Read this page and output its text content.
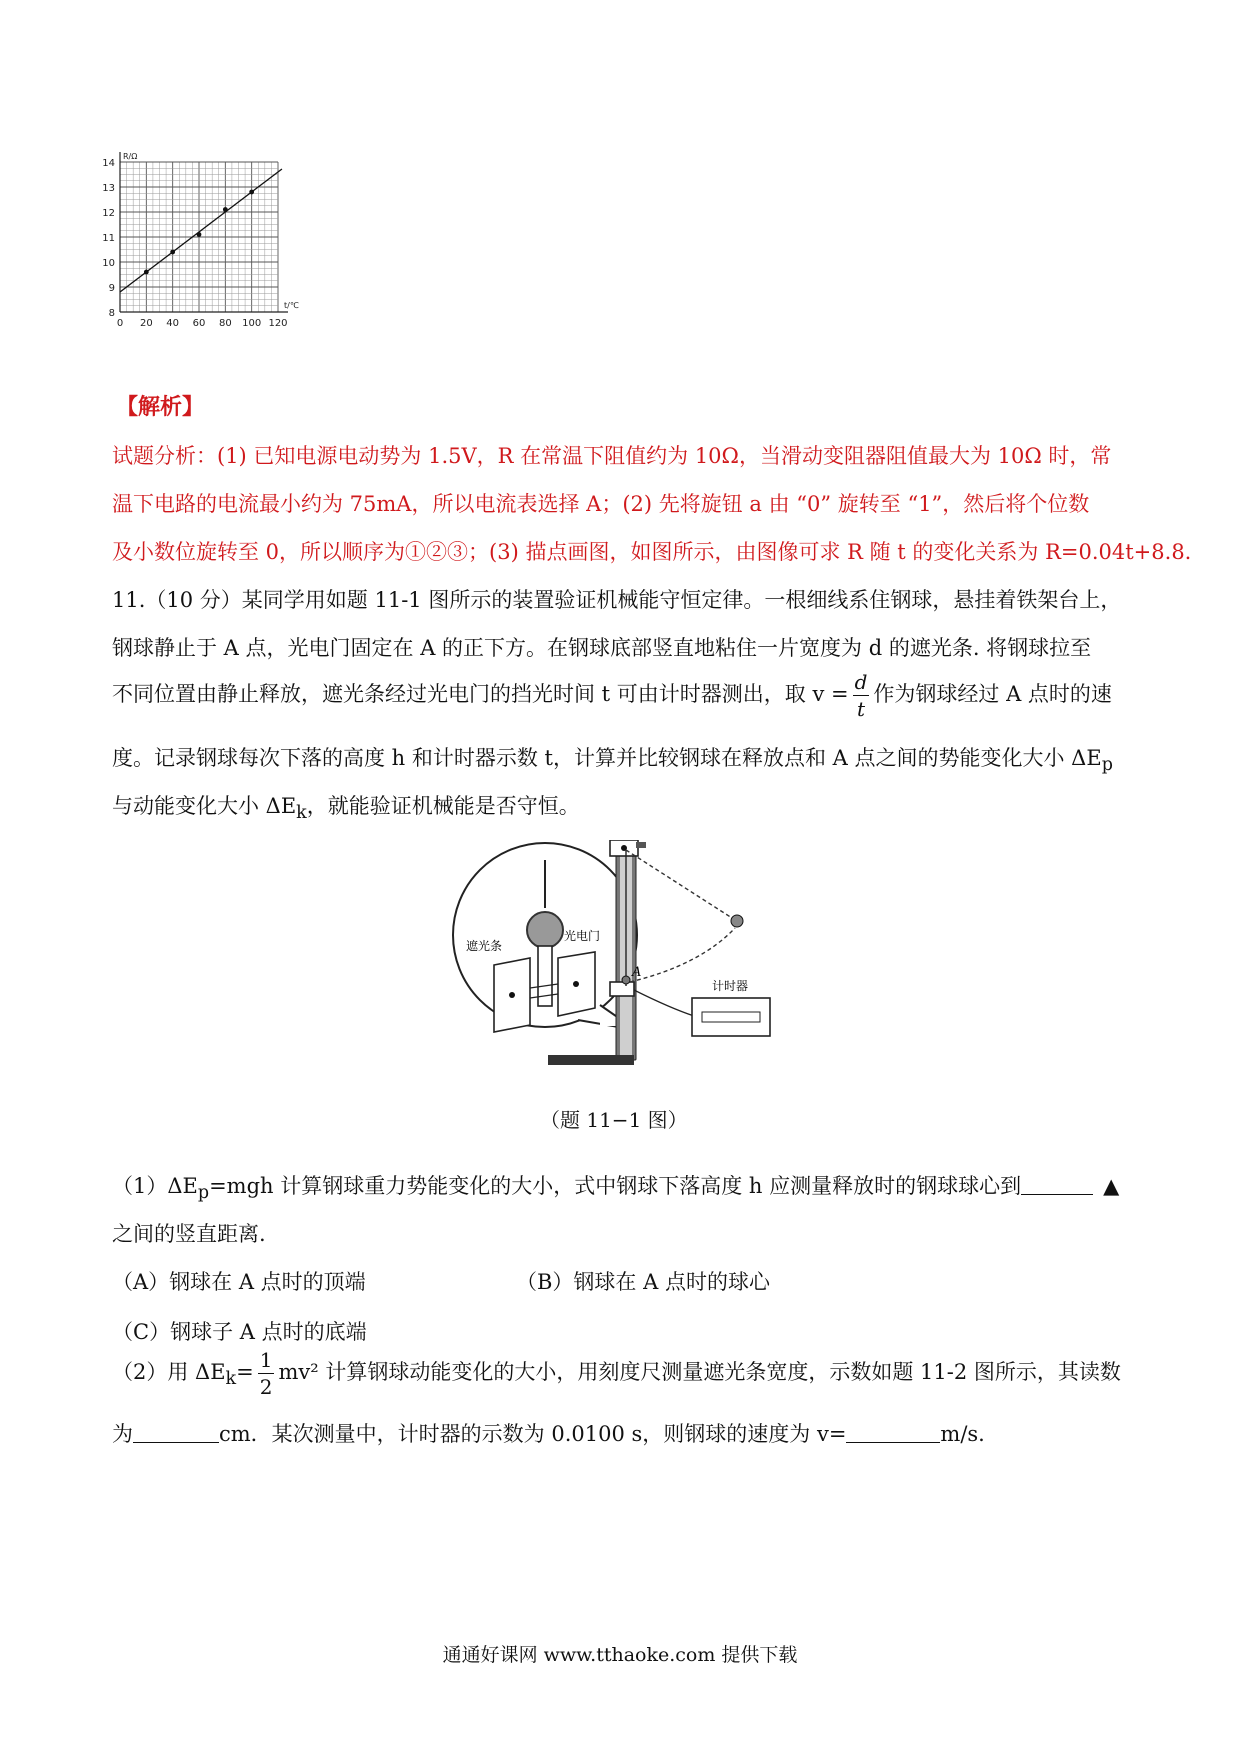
0 20 40 60 80 100 120
8
9
10
11
12
13
14
t/℃
R/Ω
【解析】
试题分析：(1) 已知电源电动势为 1.5V，R 在常温下阻值约为 10Ω，当滑动变阻器阻值最大为 10Ω 时，常
温下电路的电流最小约为 75mA，所以电流表选择 A；(2) 先将旋钮 a 由 “0” 旋转至 “1”，然后将个位数
及小数位旋转至 0，所以顺序为①②③；(3) 描点画图，如图所示，由图像可求 R 随 t 的变化关系为 R=0.04t+8.8.
11.（10 分）某同学用如题 11-1 图所示的装置验证机械能守恒定律。一根细线系住钢球，悬挂着铁架台上，
钢球静止于 A 点，光电门固定在 A 的正下方。在钢球底部竖直地粘住一片宽度为 d 的遮光条. 将钢球拉至
不同位置由静止释放，遮光条经过光电门的挡光时间 t 可由计时器测出，取 $v = \frac{d}{t}$ 作为钢球经过 A 点时的速
度。记录钢球每次下落的高度 h 和计时器示数 t，计算并比较钢球在释放点和 A 点之间的势能变化大小 $\Delta E_p$
与动能变化大小 $\Delta E_k$，就能验证机械能是否守恒。
遮光条
光电门
A
计时器
（题 11−1 图）
$(1)\Delta E_p=mgh$ 计算钢球重力势能变化的大小，式中钢球下落高度 h 应测量释放时的钢球球心到	▲
之间的竖直距离.
（A）钢球在 A 点时的顶端	（B）钢球在 A 点时的球心
（C）钢球子 A 点时的底端
（2）用 $\Delta E_k= \frac{1}{2} mv^2$ 计算钢球动能变化的大小，用刻度尺测量遮光条宽度，示数如题 11-2 图所示，其读数
为	cm．某次测量中，计时器的示数为 0.0100 s，则钢球的速度为 v=	m/s.
通通好课网 www.tthaoke.com 提供下载
